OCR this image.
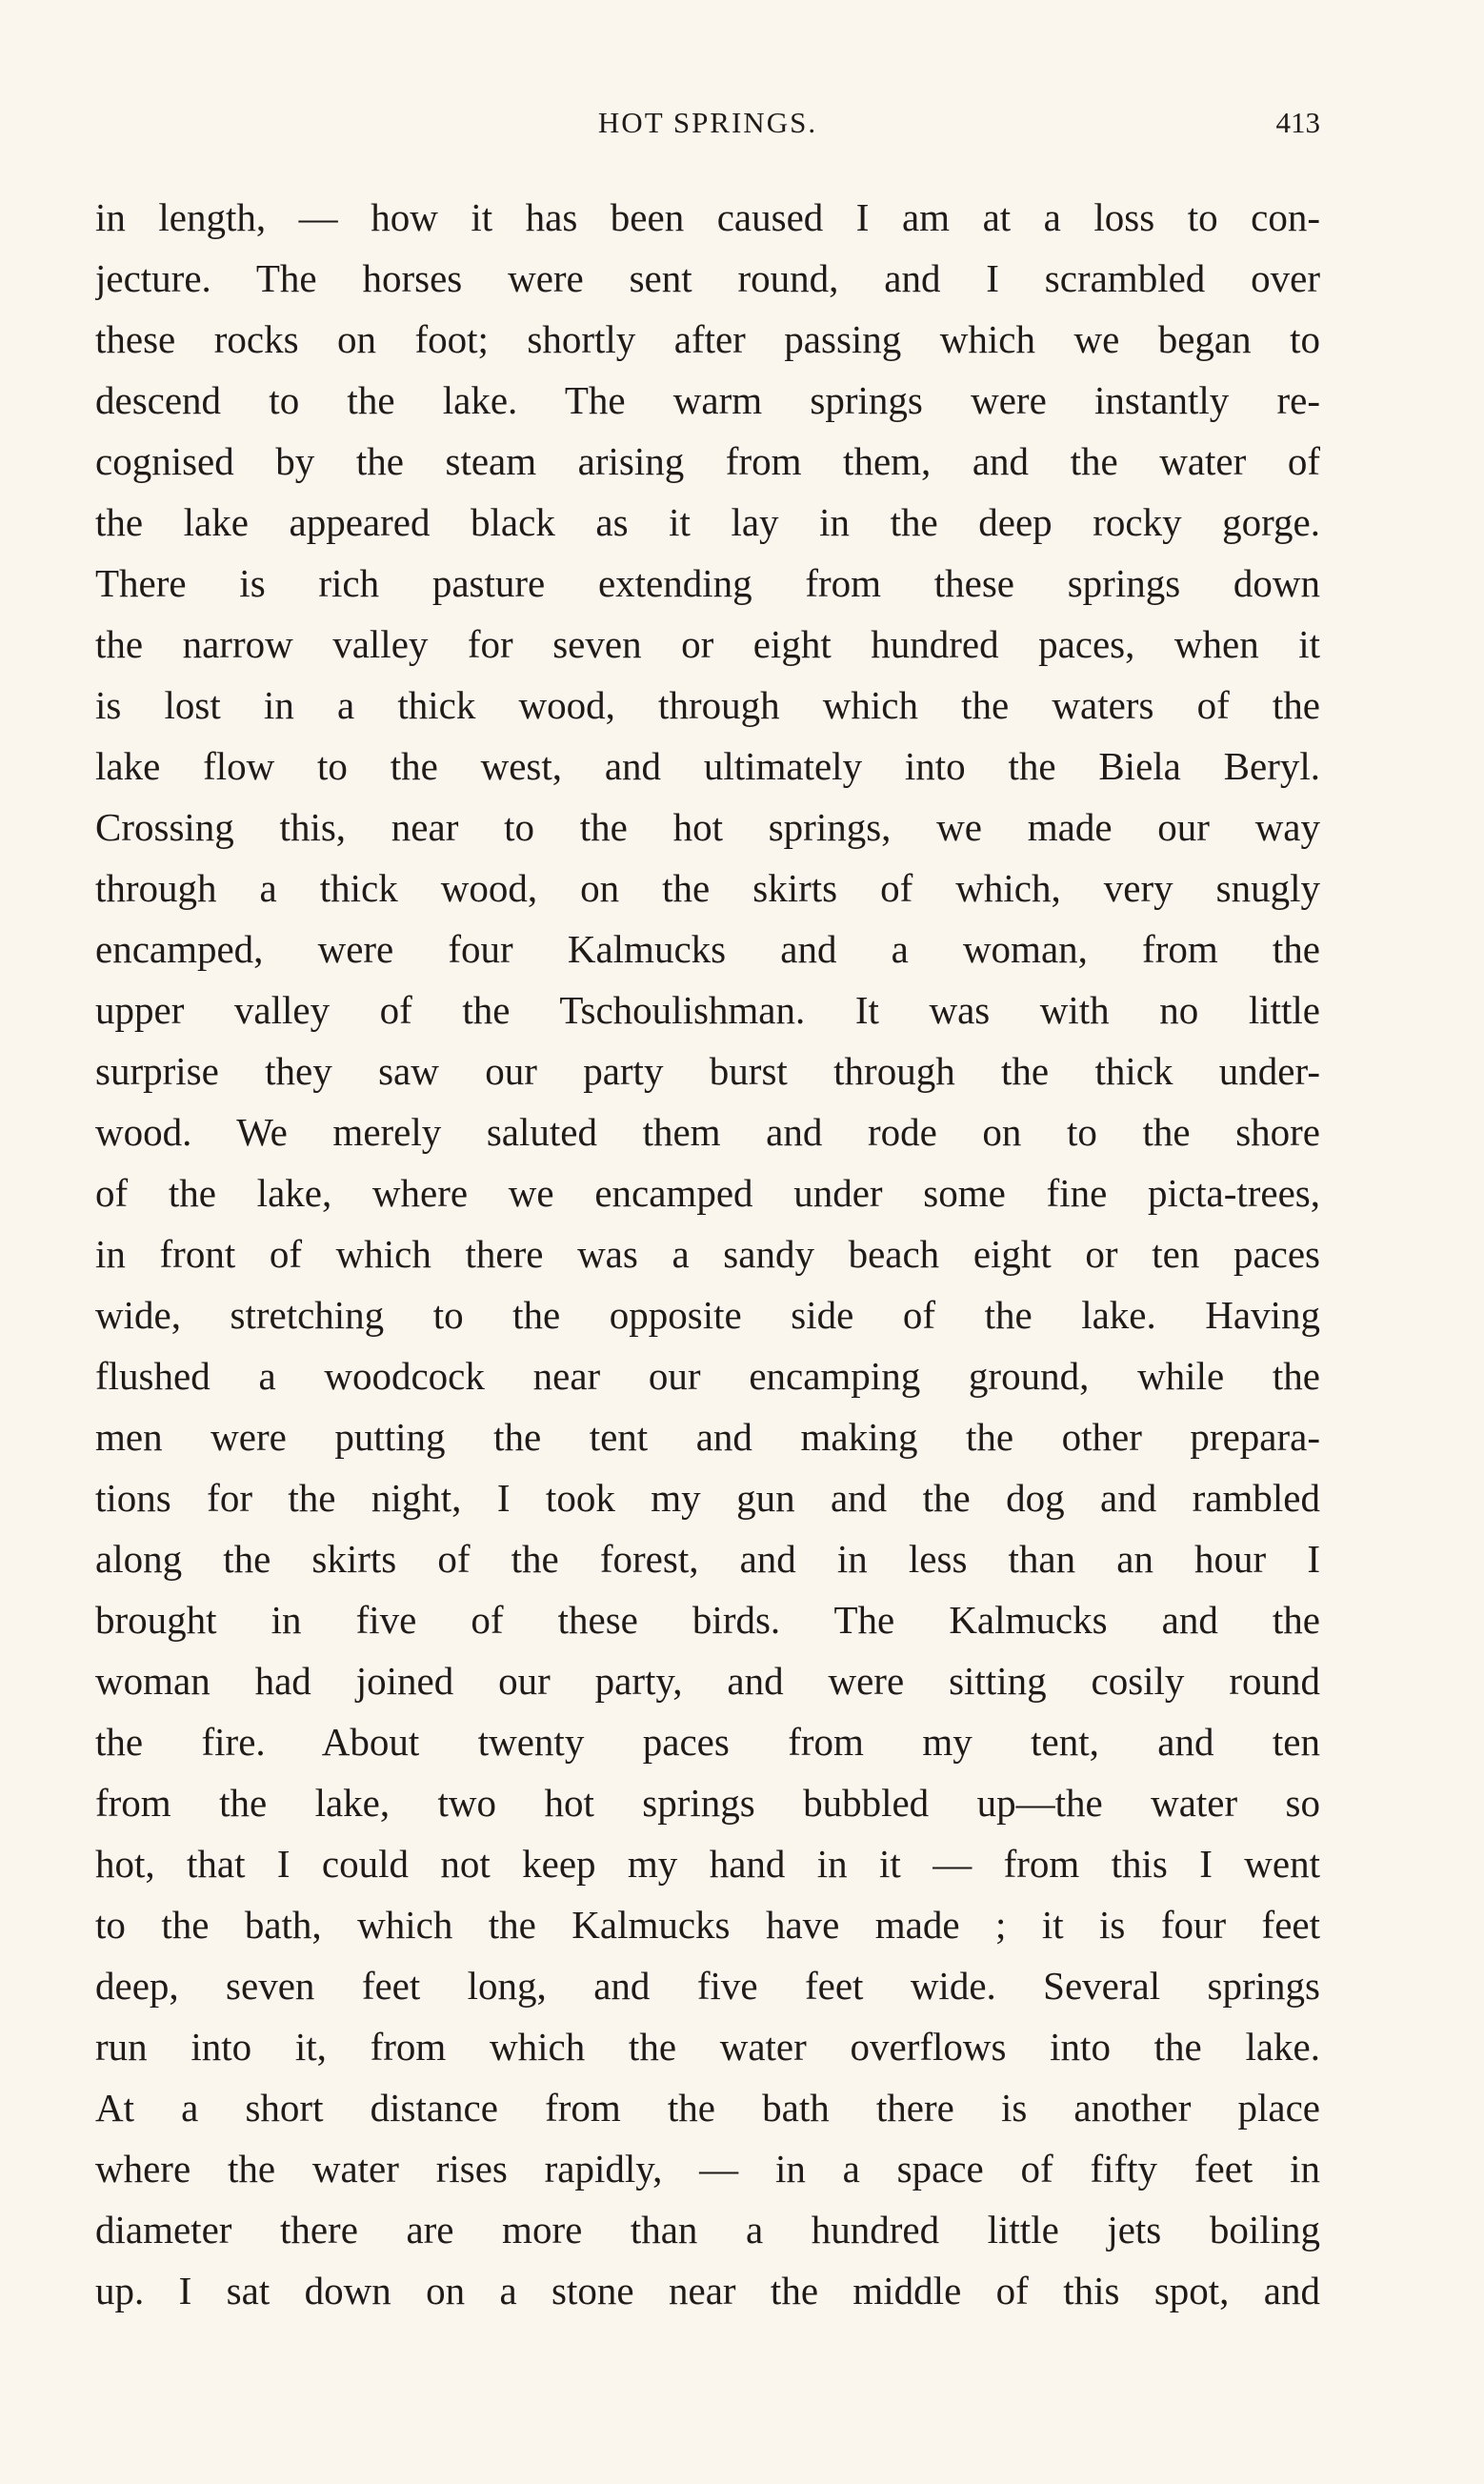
HOT SPRINGS.	413
in length, — how it has been caused I am at a loss to con-
jecture. The horses were sent round, and I scrambled over
these rocks on foot; shortly after passing which we began to
descend to the lake. The warm springs were instantly re-
cognised by the steam arising from them, and the water of
the lake appeared black as it lay in the deep rocky gorge.
There is rich pasture extending from these springs down
the narrow valley for seven or eight hundred paces, when it
is lost in a thick wood, through which the waters of the
lake flow to the west, and ultimately into the Biela Beryl.
Crossing this, near to the hot springs, we made our way
through a thick wood, on the skirts of which, very snugly
encamped, were four Kalmucks and a woman, from the
upper valley of the Tschoulishman. It was with no little
surprise they saw our party burst through the thick under-
wood. We merely saluted them and rode on to the shore
of the lake, where we encamped under some fine picta-trees,
in front of which there was a sandy beach eight or ten paces
wide, stretching to the opposite side of the lake. Having
flushed a woodcock near our encamping ground, while the
men were putting the tent and making the other prepara-
tions for the night, I took my gun and the dog and rambled
along the skirts of the forest, and in less than an hour I
brought in five of these birds. The Kalmucks and the
woman had joined our party, and were sitting cosily round
the fire. About twenty paces from my tent, and ten
from the lake, two hot springs bubbled up—the water so
hot, that I could not keep my hand in it — from this I went
to the bath, which the Kalmucks have made ; it is four feet
deep, seven feet long, and five feet wide. Several springs
run into it, from which the water overflows into the lake.
At a short distance from the bath there is another place
where the water rises rapidly, — in a space of fifty feet in
diameter there are more than a hundred little jets boiling
up. I sat down on a stone near the middle of this spot, and
